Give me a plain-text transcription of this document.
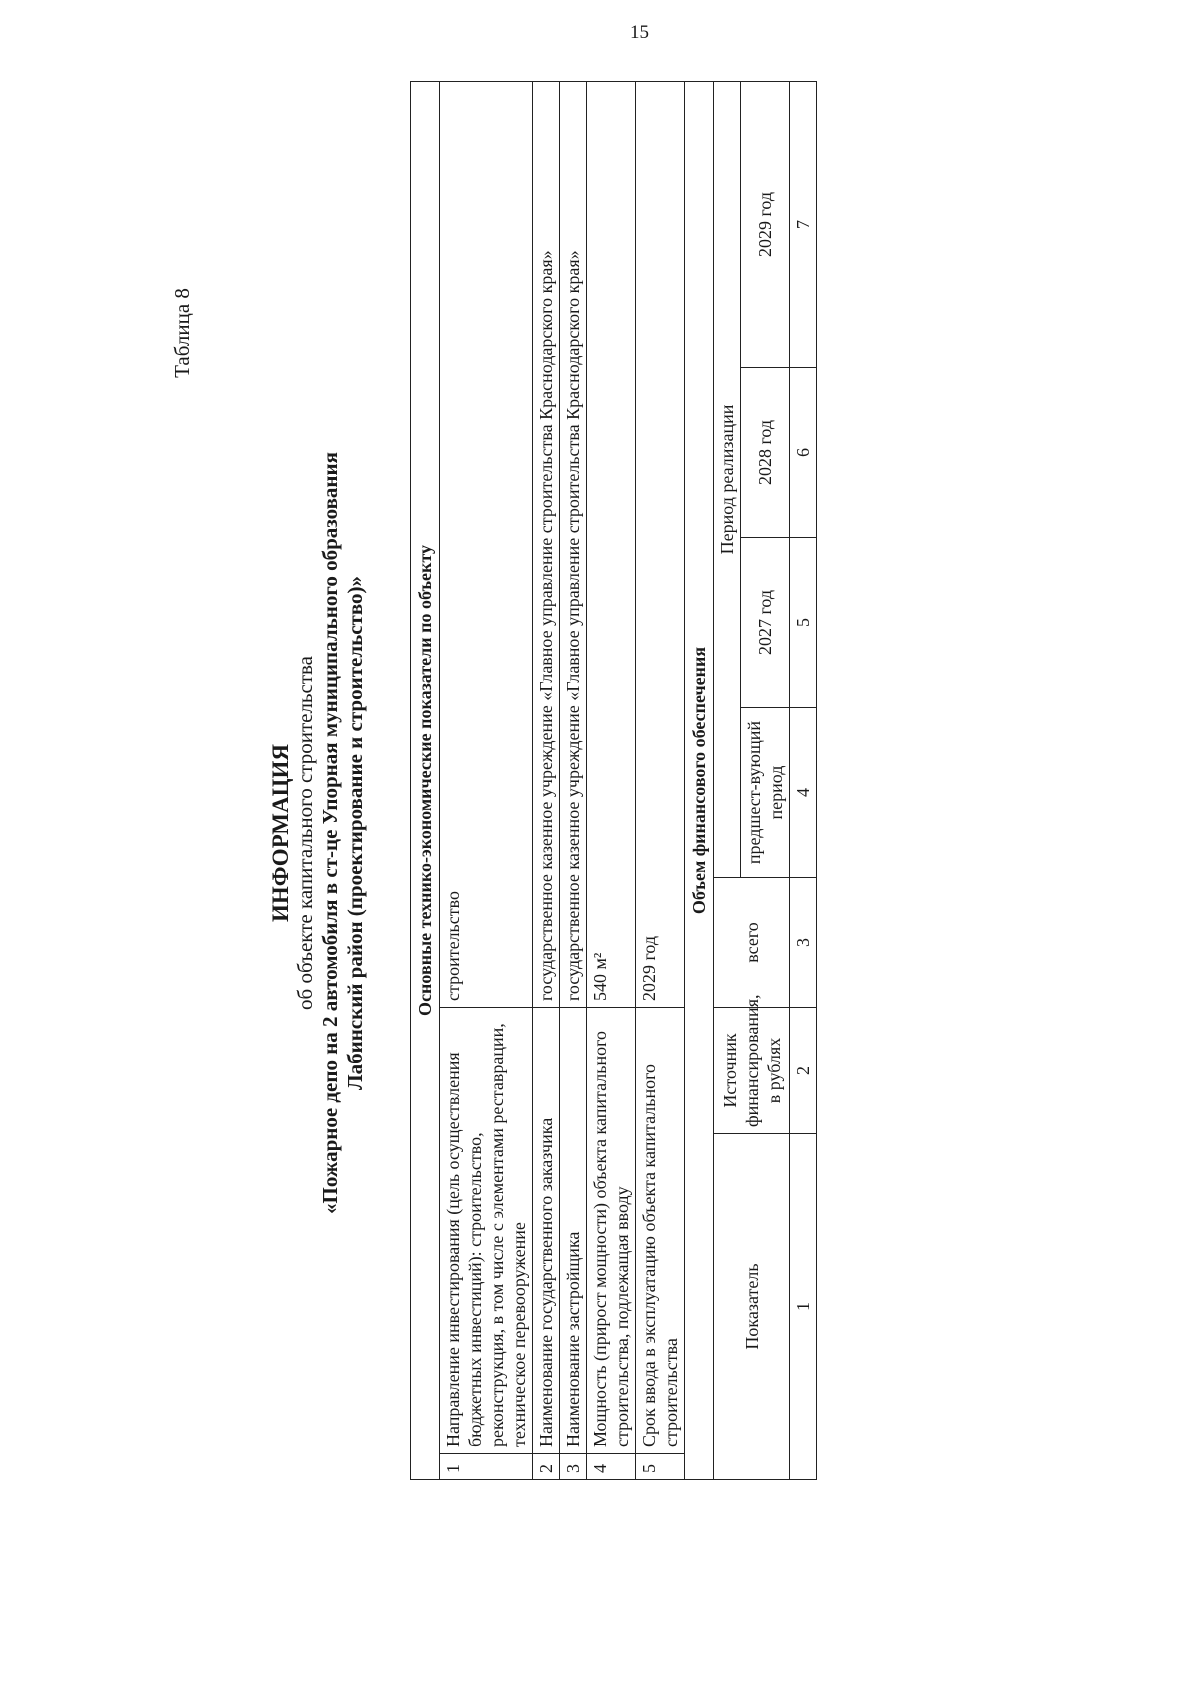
15
Таблица 8
ИНФОРМАЦИЯ об объекте капитального строительства «Пожарное депо на 2 автомобиля в ст-це Упорная муниципального образования Лабинский район (проектирование и строительство)»	Основные технико-экономические показатели по объекту							
1	Направление инвестирования (цель осуществления бюджетных инвестиций): строительство, реконструкция, в том числе с элементами реставрации, техническое перевооружение		строительство				
2	Наименование государственного заказчика		государственное казенное учреждение «Главное управление строительства Краснодарского края»				
3	Наименование застройщика		государственное казенное учреждение «Главное управление строительства Краснодарского края»				
4	Мощность (прирост мощности) объекта капитального строительства, подлежащая вводу		540 м²				
5	Срок ввода в эксплуатацию объекта капитального строительства		2029 год				
Объем финансового обеспечения							
Показатель		Источник финансирования, в рублях	всего	Период реализации			
				предшест-вующий период	2027 год	2028 год	2029 год
1		2	3	4	5	6	7
